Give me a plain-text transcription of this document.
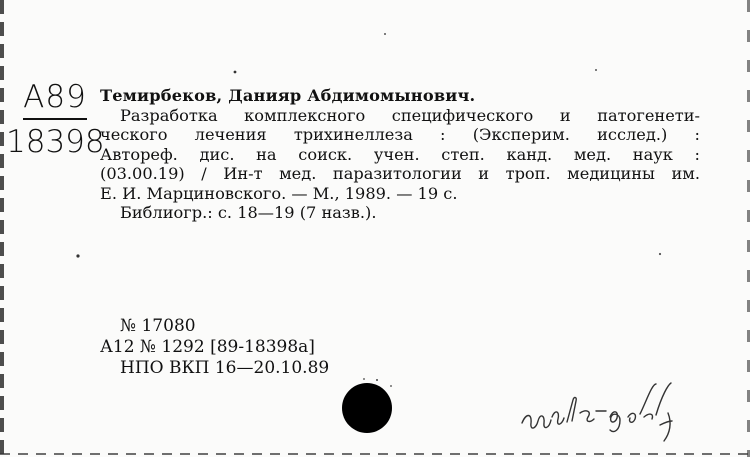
А89
18398
Темирбеков, Данияр Абдимомынович.
Разработка комплексного специфического и патогенети-
ческого лечения трихинеллеза : (Эксперим. исслед.) :
Автореф. дис. на соиск. учен. степ. канд. мед. наук :
(03.00.19) / Ин-т мед. паразитологии и троп. медицины им.
Е. И. Марциновского. — М., 1989. — 19 с.
Библиогр.: с. 18—19 (7 назв.).
№ 17080
А12 № 1292 [89-18398а]
НПО ВКП 16—20.10.89
